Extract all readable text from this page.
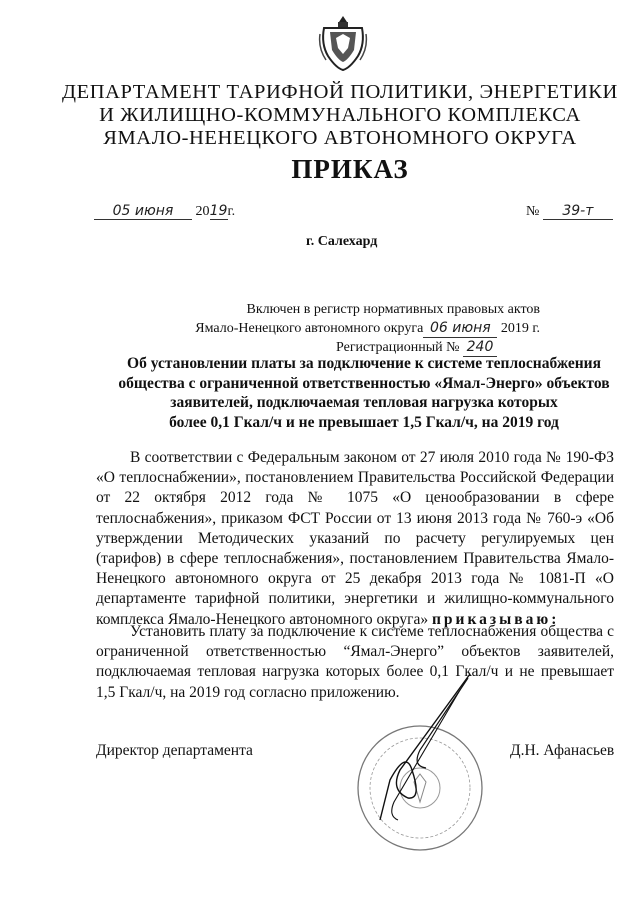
ДЕПАРТАМЕНТ ТАРИФНОЙ ПОЛИТИКИ, ЭНЕРГЕТИКИ
И ЖИЛИЩНО-КОММУНАЛЬНОГО КОМПЛЕКСА
ЯМАЛО-НЕНЕЦКОГО АВТОНОМНОГО ОКРУГА
ПРИКАЗ
05 июня 2019г.	№ 39-т
г. Салехард
Включен в регистр нормативных правовых актов
Ямало-Ненецкого автономного округа 06 июня 2019 г.
Регистрационный № 240
Об установлении платы за подключение к системе теплоснабжения
общества с ограниченной ответственностью «Ямал-Энерго» объектов
заявителей, подключаемая тепловая нагрузка которых
более 0,1 Гкал/ч и не превышает 1,5 Гкал/ч, на 2019 год

В соответствии с Федеральным законом от 27 июля 2010 года № 190-ФЗ «О теплоснабжении», постановлением Правительства Российской Федерации от 22 октября 2012 года № 1075 «О ценообразовании в сфере теплоснабжения», приказом ФСТ России от 13 июня 2013 года № 760-э «Об утверждении Методических указаний по расчету регулируемых цен (тарифов) в сфере теплоснабжения», постановлением Правительства Ямало-Ненецкого автономного округа от 25 декабря 2013 года № 1081-П «О департаменте тарифной политики, энергетики и жилищно-коммунального комплекса Ямало-Ненецкого автономного округа» приказываю:

Установить плату за подключение к системе теплоснабжения общества с ограниченной ответственностью “Ямал-Энерго” объектов заявителей, подключаемая тепловая нагрузка которых более 0,1 Гкал/ч и не превышает 1,5 Гкал/ч, на 2019 год согласно приложению.

Директор департамента	Д.Н. Афанасьев
